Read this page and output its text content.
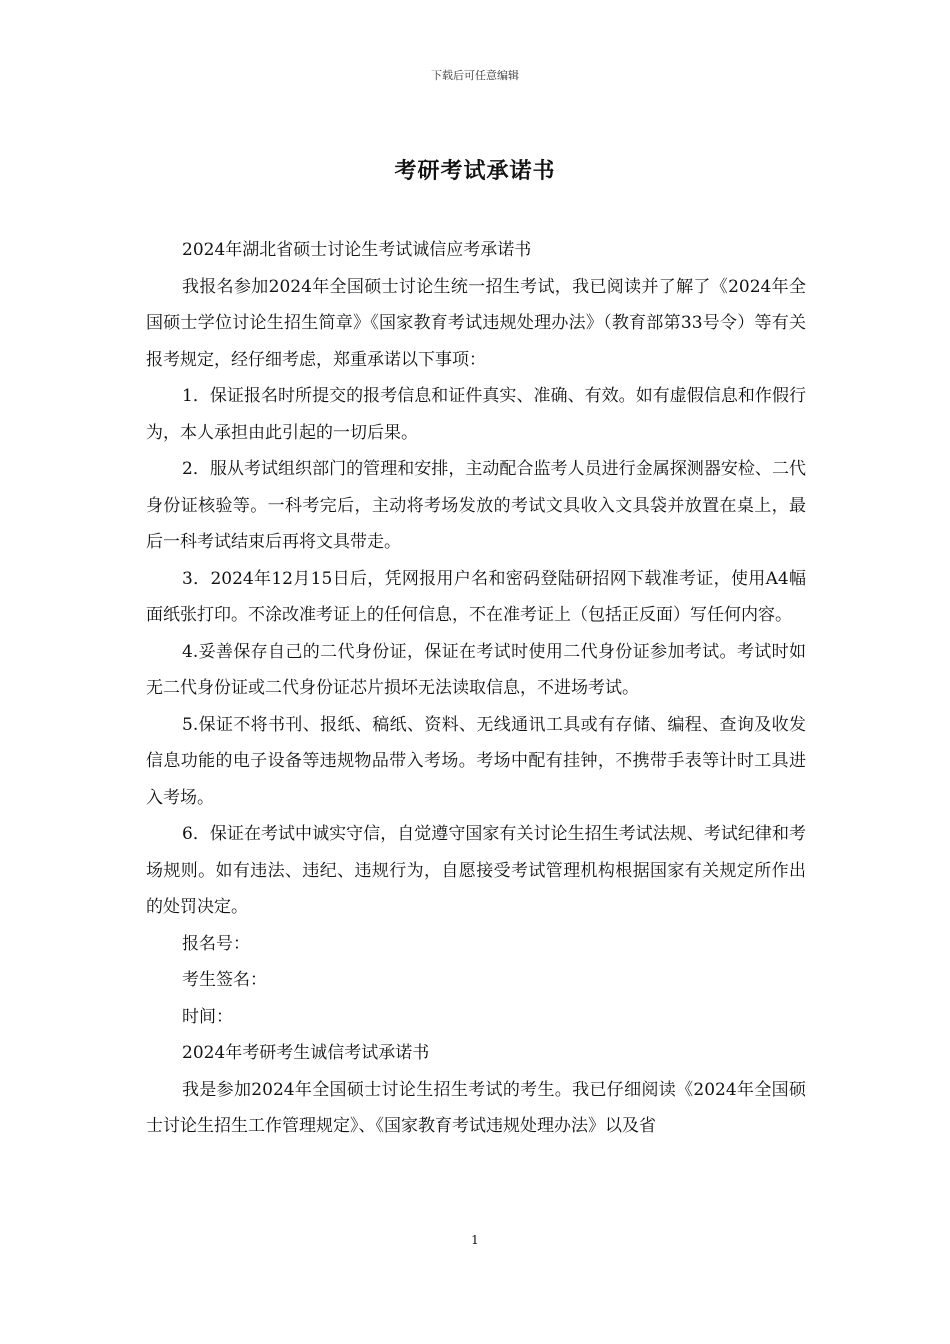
下载后可任意编辑
考研考试承诺书

2024年湖北省硕士讨论生考试诚信应考承诺书

我报名参加2024年全国硕士讨论生统一招生考试，我已阅读并了解了《2024年全国硕士学位讨论生招生简章》《国家教育考试违规处理办法》（教育部第33号令）等有关报考规定，经仔细考虑，郑重承诺以下事项：

1．保证报名时所提交的报考信息和证件真实、准确、有效。如有虚假信息和作假行为，本人承担由此引起的一切后果。

2．服从考试组织部门的管理和安排，主动配合监考人员进行金属探测器安检、二代身份证核验等。一科考完后，主动将考场发放的考试文具收入文具袋并放置在桌上，最后一科考试结束后再将文具带走。

3．2024年12月15日后，凭网报用户名和密码登陆研招网下载准考证，使用A4幅面纸张打印。不涂改准考证上的任何信息，不在准考证上（包括正反面）写任何内容。

4.妥善保存自己的二代身份证，保证在考试时使用二代身份证参加考试。考试时如无二代身份证或二代身份证芯片损坏无法读取信息，不进场考试。

5.保证不将书刊、报纸、稿纸、资料、无线通讯工具或有存储、编程、查询及收发信息功能的电子设备等违规物品带入考场。考场中配有挂钟，不携带手表等计时工具进入考场。

6．保证在考试中诚实守信，自觉遵守国家有关讨论生招生考试法规、考试纪律和考场规则。如有违法、违纪、违规行为，自愿接受考试管理机构根据国家有关规定所作出的处罚决定。

报名号：

考生签名：

时间：

2024年考研考生诚信考试承诺书

我是参加2024年全国硕士讨论生招生考试的考生。我已仔细阅读《2024年全国硕士讨论生招生工作管理规定》、《国家教育考试违规处理办法》以及省

1
